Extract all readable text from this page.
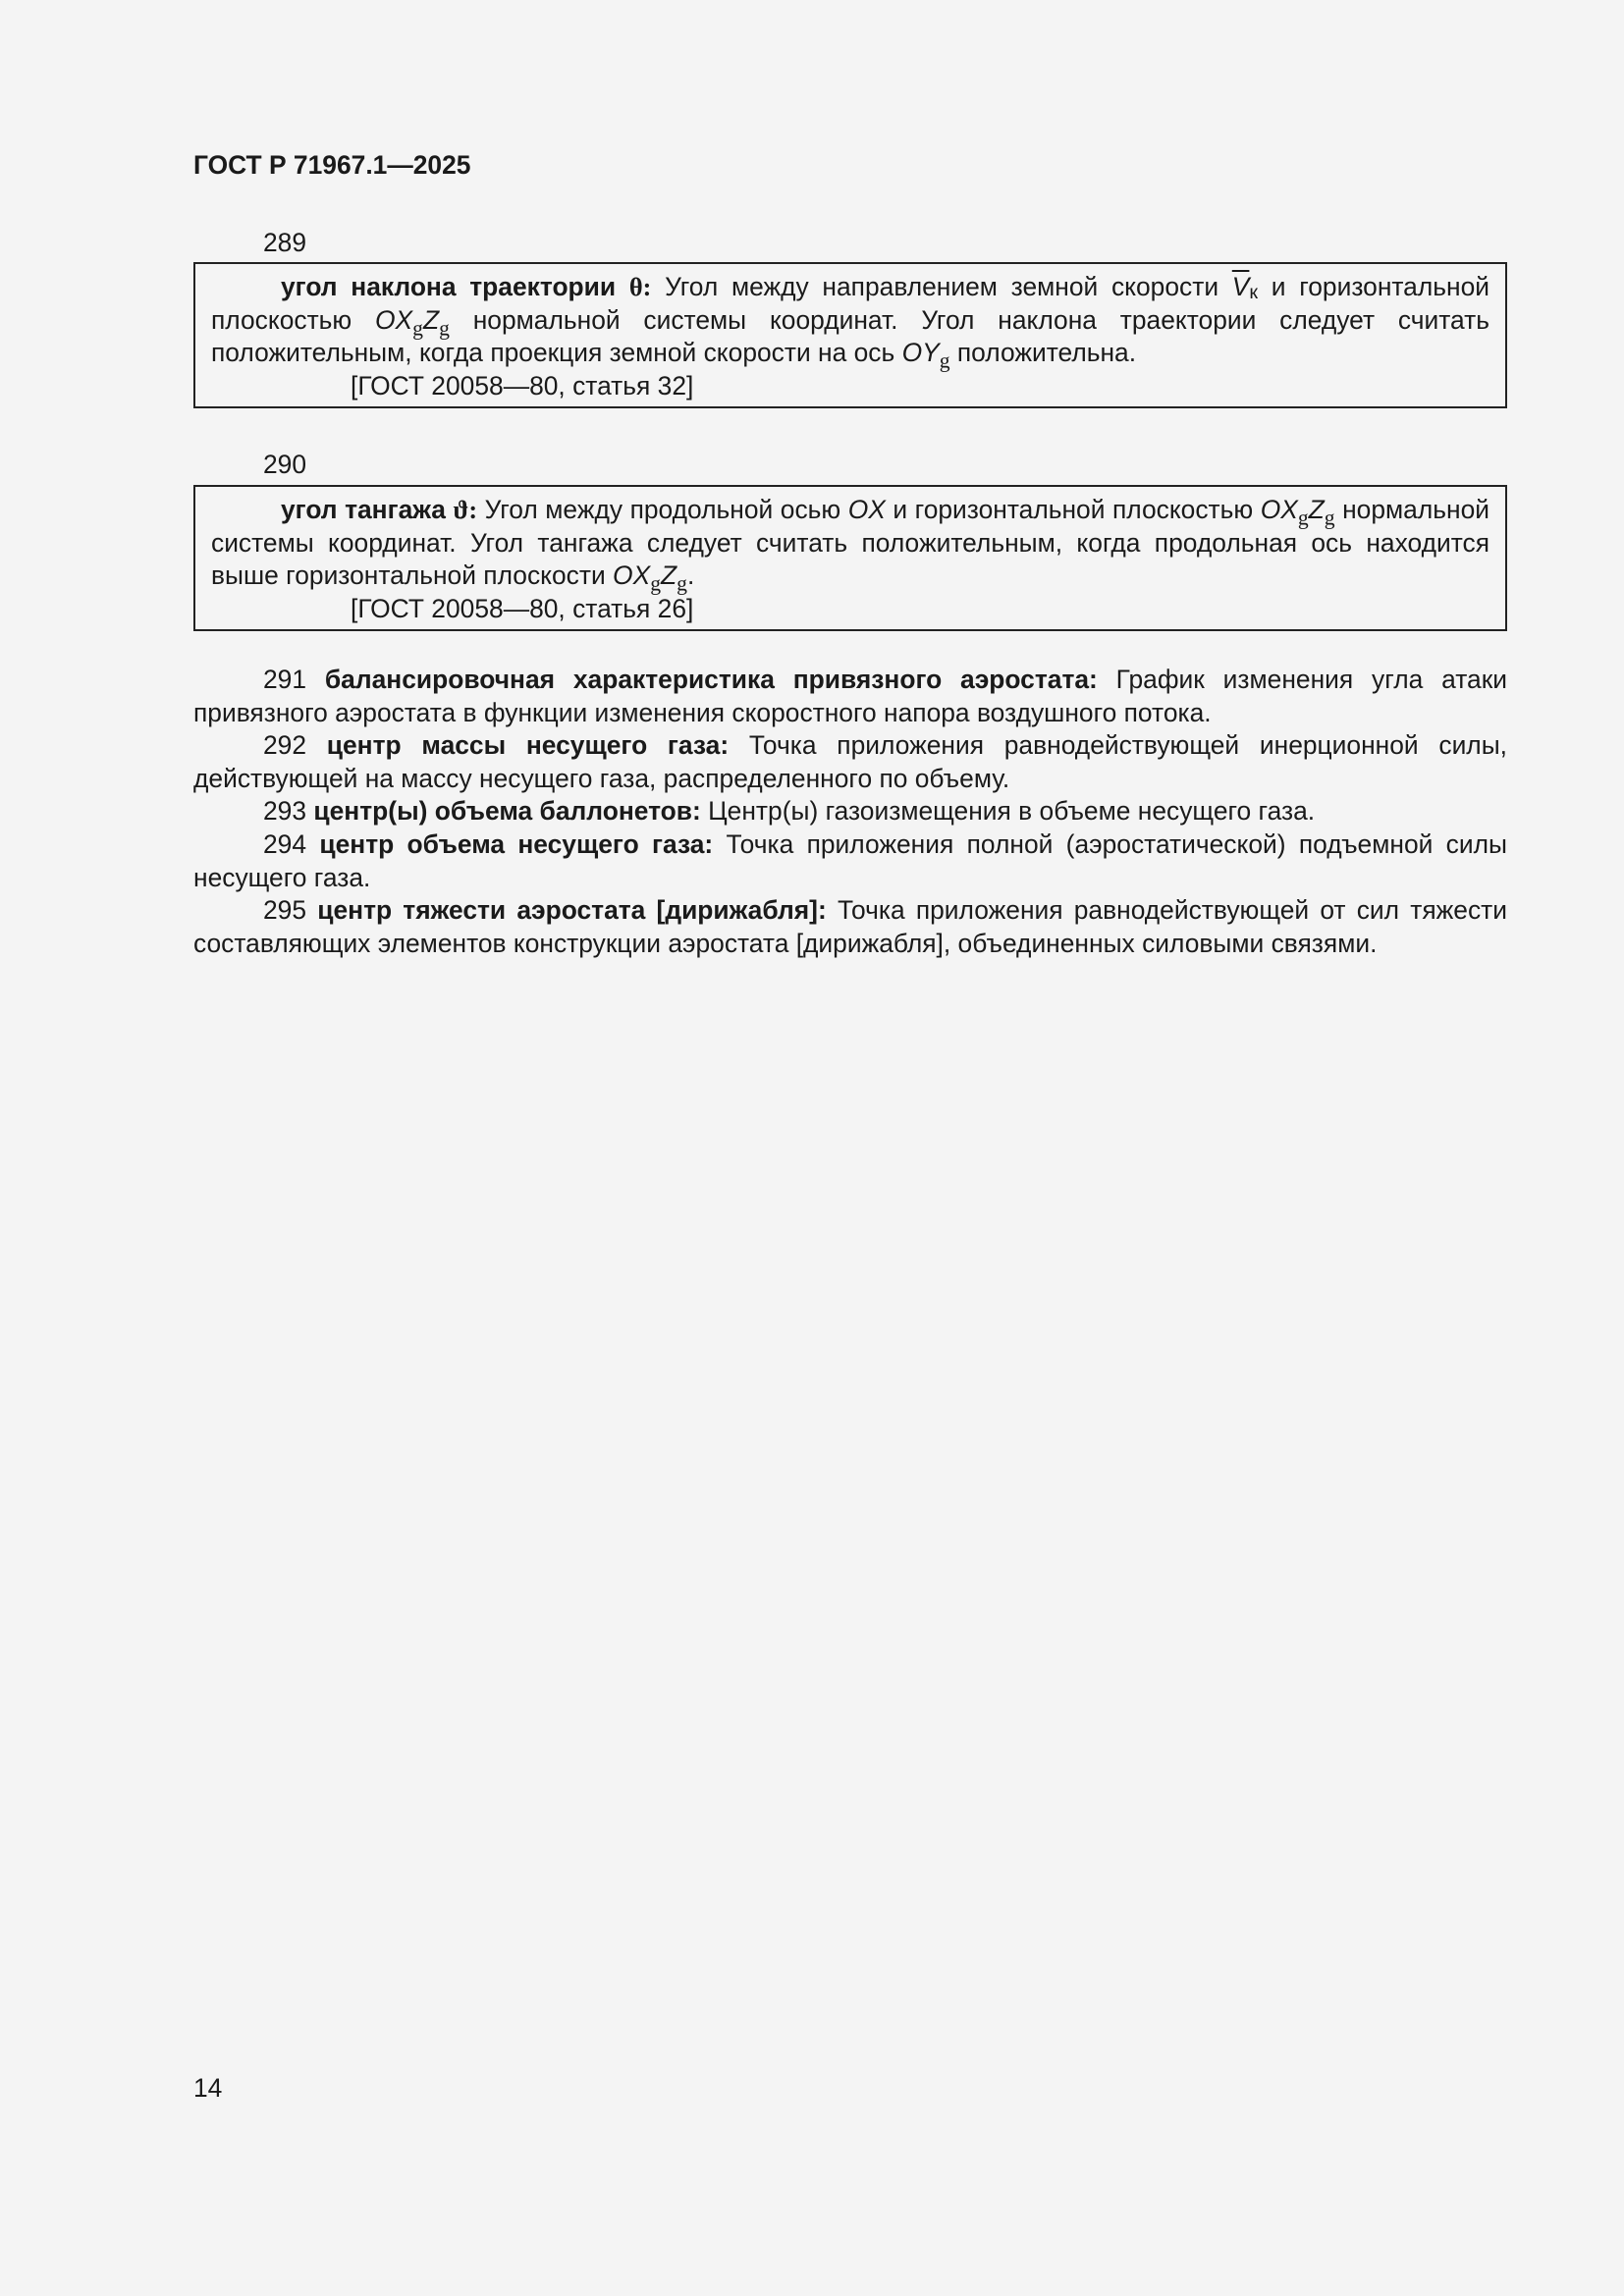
ГОСТ Р 71967.1—2025
289

угол наклона траектории θ: Угол между направлением земной скорости $\overline{V}к$ и горизонтальной плоскостью $OX_gZ_g$ нормальной системы координат. Угол наклона траектории следует считать положительным, когда проекция земной скорости на ось $OY_g$ положительна.

[ГОСТ 20058—80, статья 32]

290

угол тангажа ϑ: Угол между продольной осью OX и горизонтальной плоскостью $OX_gZ_g$ нормальной системы координат. Угол тангажа следует считать положительным, когда продольная ось находится выше горизонтальной плоскости $OX_gZ_g$.

[ГОСТ 20058—80, статья 26]

291 балансировочная характеристика привязного аэростата: График изменения угла атаки привязного аэростата в функции изменения скоростного напора воздушного потока.

292 центр массы несущего газа: Точка приложения равнодействующей инерционной силы, действующей на массу несущего газа, распределенного по объему.

293 центр(ы) объема баллонетов: Центр(ы) газоизмещения в объеме несущего газа.

294 центр объема несущего газа: Точка приложения полной (аэростатической) подъемной силы несущего газа.

295 центр тяжести аэростата [дирижабля]: Точка приложения равнодействующей от сил тяжести составляющих элементов конструкции аэростата [дирижабля], объединенных силовыми связями.

14
